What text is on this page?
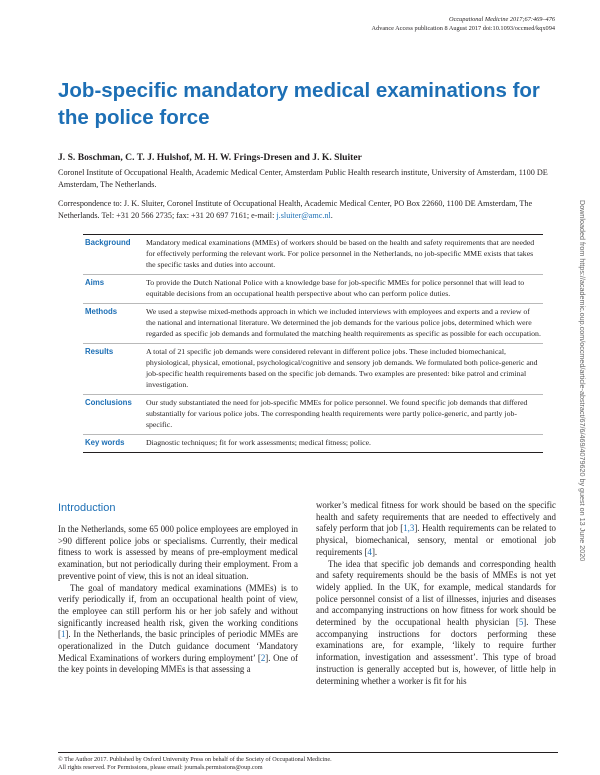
Occupational Medicine 2017;67:469–476
Advance Access publication 8 August 2017 doi:10.1093/occmed/kqx094
Job-specific mandatory medical examinations for the police force
J. S. Boschman, C. T. J. Hulshof, M. H. W. Frings-Dresen and J. K. Sluiter
Coronel Institute of Occupational Health, Academic Medical Center, Amsterdam Public Health research institute, University of Amsterdam, 1100 DE Amsterdam, The Netherlands.
Correspondence to: J. K. Sluiter, Coronel Institute of Occupational Health, Academic Medical Center, PO Box 22660, 1100 DE Amsterdam, The Netherlands. Tel: +31 20 566 2735; fax: +31 20 697 7161; e-mail: j.sluiter@amc.nl.
Background	Mandatory medical examinations (MMEs) of workers should be based on the health and safety requirements that are needed for effectively performing the relevant work. For police personnel in the Netherlands, no job-specific MME exists that takes the specific tasks and duties into account.
Aims	To provide the Dutch National Police with a knowledge base for job-specific MMEs for police personnel that will lead to equitable decisions from an occupational health perspective about who can perform police duties.
Methods	We used a stepwise mixed-methods approach in which we included interviews with employees and experts and a review of the national and international literature. We determined the job demands for the various police jobs, determined which were regarded as specific job demands and formulated the matching health requirements as specific as possible for each occupation.
Results	A total of 21 specific job demands were considered relevant in different police jobs. These included biomechanical, physiological, physical, emotional, psychological/cognitive and sensory job demands. We formulated both police-generic and job-specific health requirements based on the specific job demands. Two examples are presented: bike patrol and criminal investigation.
Conclusions	Our study substantiated the need for job-specific MMEs for police personnel. We found specific job demands that differed substantially for various police jobs. The corresponding health requirements were partly police-generic, and partly job-specific.
Key words	Diagnostic techniques; fit for work assessments; medical fitness; police.	Downloaded from https://academic.oup.com/occmed/article-abstract/67/6/469/4079620 by guest on 13 June 2020
Introduction

In the Netherlands, some 65 000 police employees are employed in >90 different police jobs or specialisms. Currently, their medical fitness to work is assessed by means of pre-employment medical examination, but not periodically during their employment. From a preventive point of view, this is not an ideal situation.

The goal of mandatory medical examinations (MMEs) is to verify periodically if, from an occupational health point of view, the employee can still perform his or her job safely and without significantly increased health risk, given the working conditions [1]. In the Netherlands, the basic principles of periodic MMEs are operationalized in the Dutch guidance document ‘Mandatory Medical Examinations of workers during employment’ [2]. One of the key points in developing MMEs is that assessing a

worker’s medical fitness for work should be based on the specific health and safety requirements that are needed to effectively and safely perform that job [1,3]. Health requirements can be related to physical, biomechanical, sensory, mental or emotional job requirements [4].

The idea that specific job demands and corresponding health and safety requirements should be the basis of MMEs is not yet widely applied. In the UK, for example, medical standards for police personnel consist of a list of illnesses, injuries and diseases and accompanying instructions on how fitness for work should be determined by the occupational health physician [5]. These accompanying instructions for doctors performing these examinations are, for example, ‘likely to require further information, investigation and assessment’. This type of broad instruction is generally accepted but is, however, of little help in determining whether a worker is fit for his

© The Author 2017. Published by Oxford University Press on behalf of the Society of Occupational Medicine.
All rights reserved. For Permissions, please email: journals.permissions@oup.com
